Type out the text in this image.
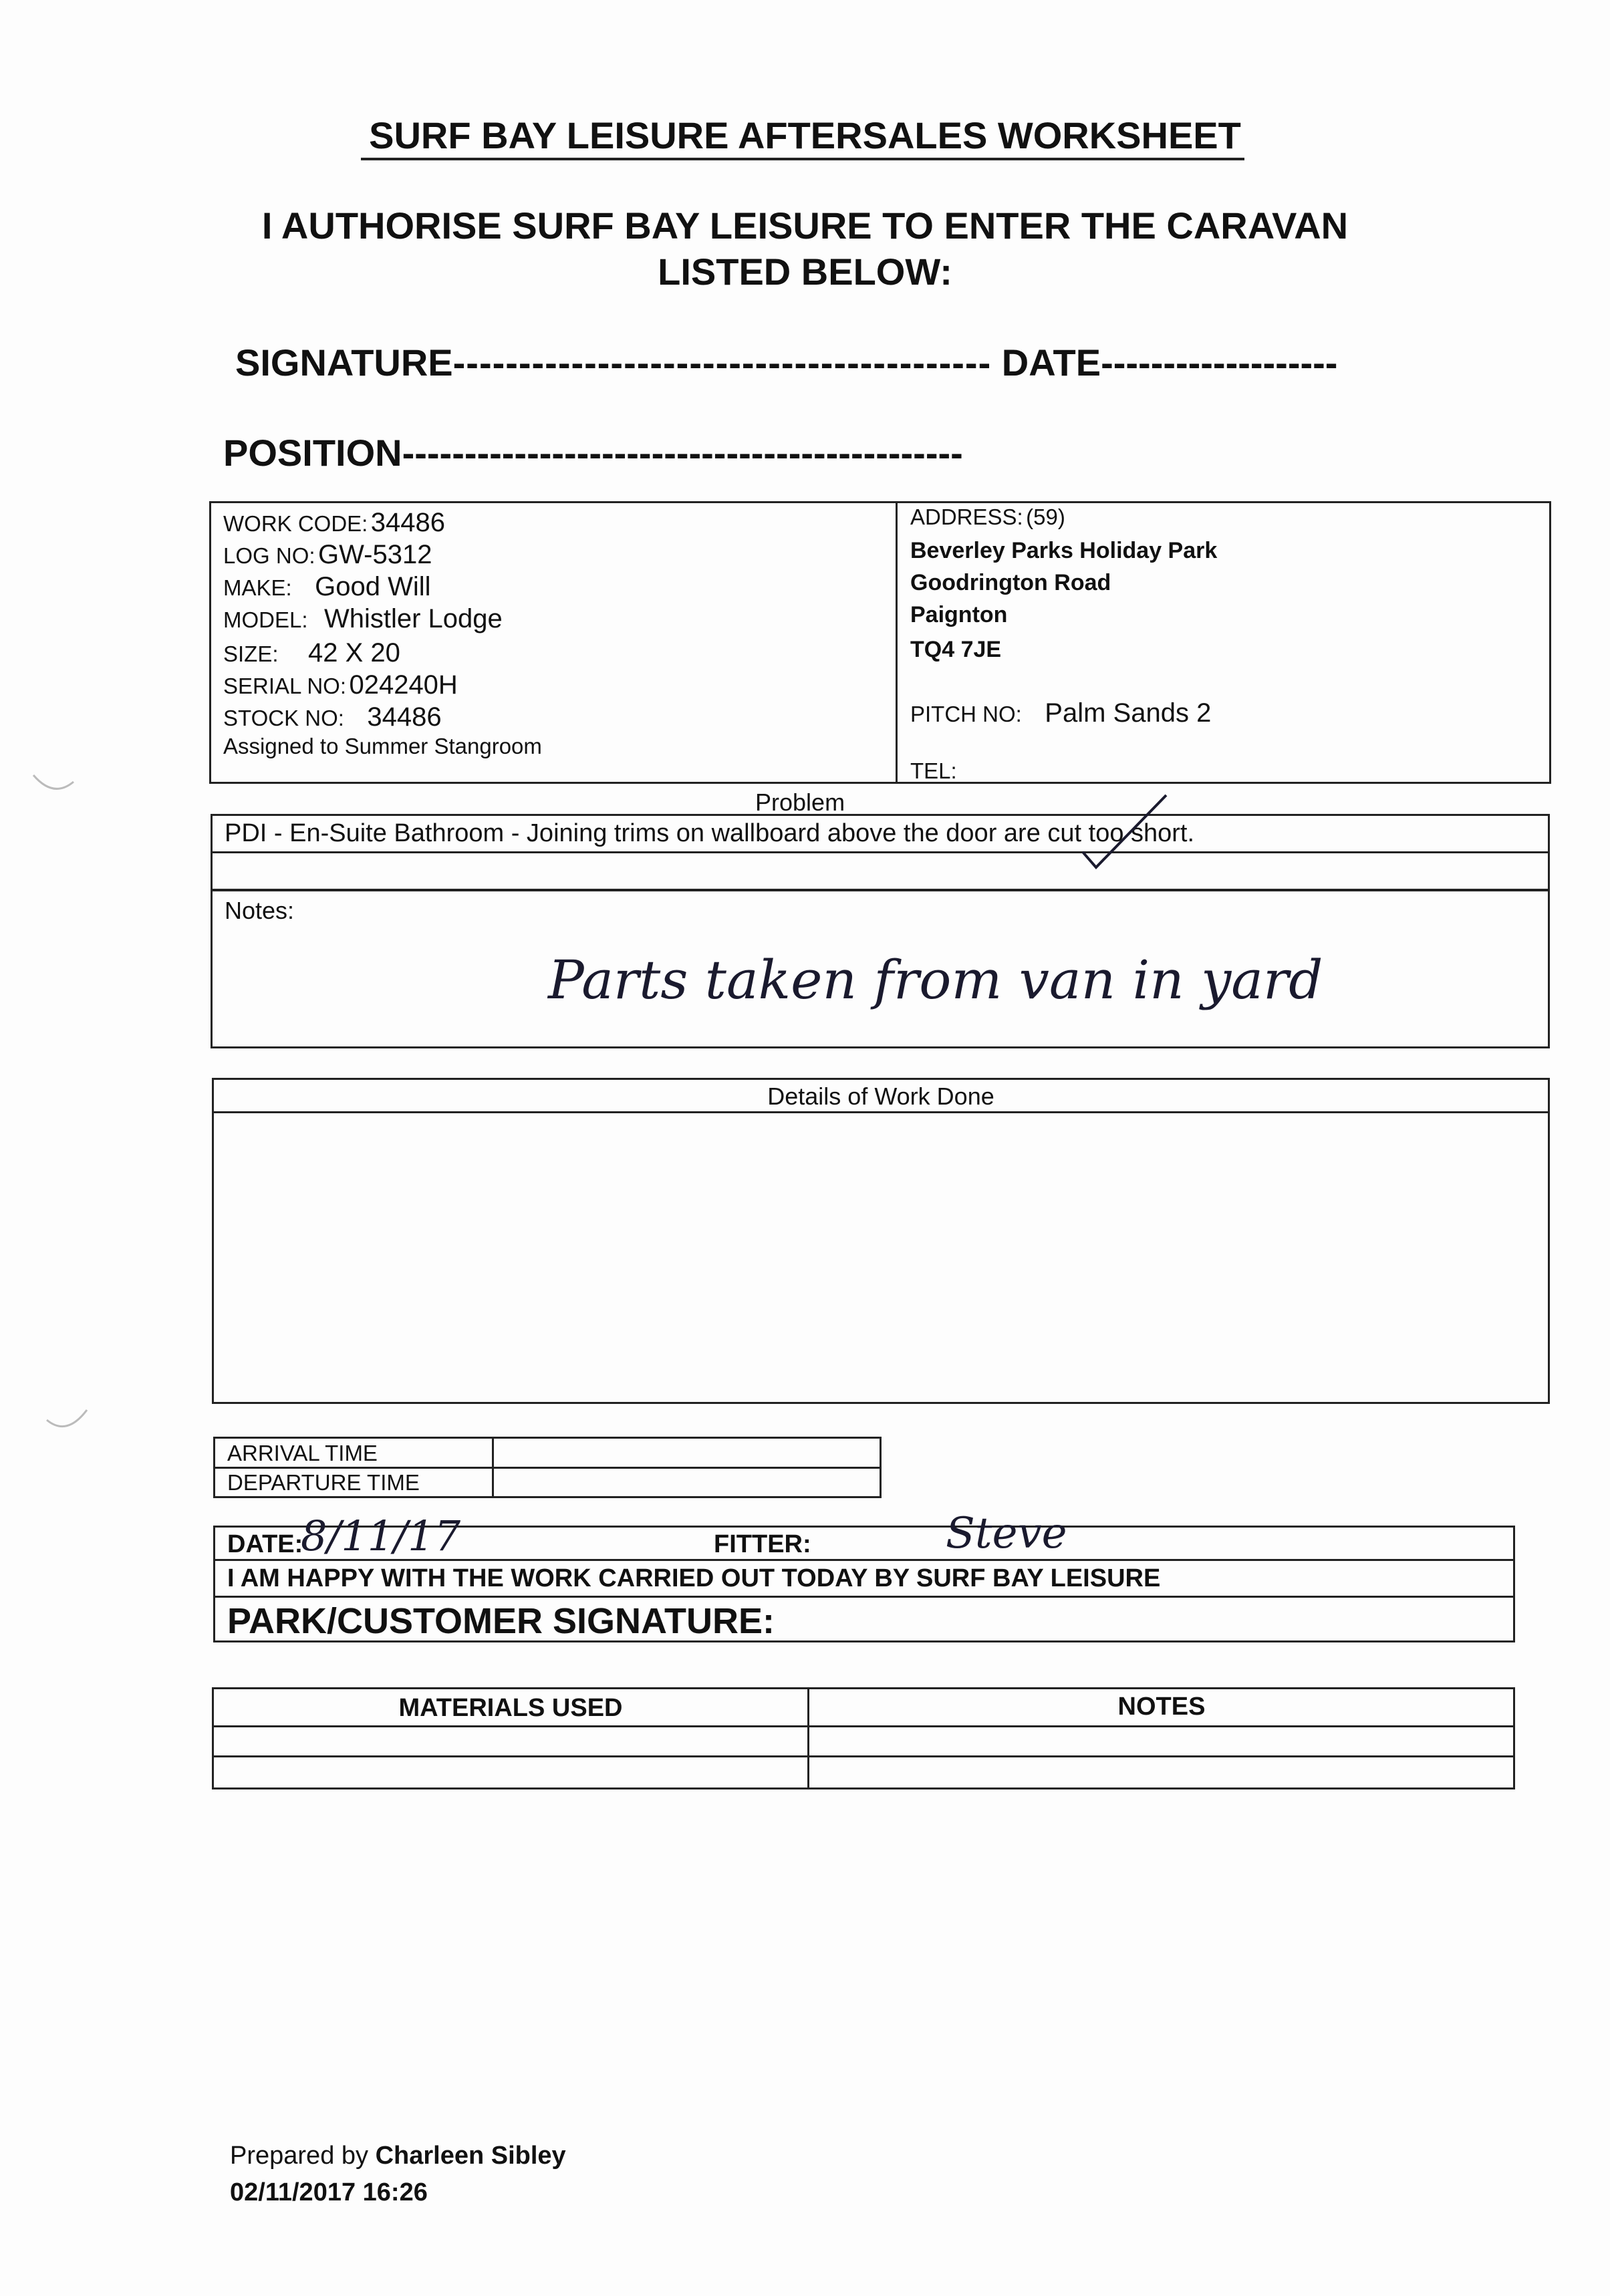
SURF BAY LEISURE AFTERSALES WORKSHEET
I AUTHORISE SURF BAY LEISURE TO ENTER THE CARAVAN
LISTED BELOW:
SIGNATURE----------------------------------------- DATE-------------------
POSITION---------------------------------------------
WORK CODE: 34486
LOG NO: GW-5312
MAKE: Good Will
MODEL: Whistler Lodge
SIZE: 42 X 20
SERIAL NO: 024240H
STOCK NO: 34486
Assigned to Summer Stangroom
ADDRESS: (59)
Beverley Parks Holiday Park
Goodrington Road
Paignton
TQ4 7JE
PITCH NO: Palm Sands 2
TEL:
Problem
PDI - En-Suite Bathroom - Joining trims on wallboard above the door are cut too short.
Notes:
Parts taken from van in yard
Details of Work Done
ARRIVAL TIME
DEPARTURE TIME
DATE:
8/11/17	FITTER:	Steve
I AM HAPPY WITH THE WORK CARRIED OUT TODAY BY SURF BAY LEISURE
PARK/CUSTOMER SIGNATURE:
MATERIALS USED	NOTES
Prepared by Charleen Sibley
02/11/2017 16:26
